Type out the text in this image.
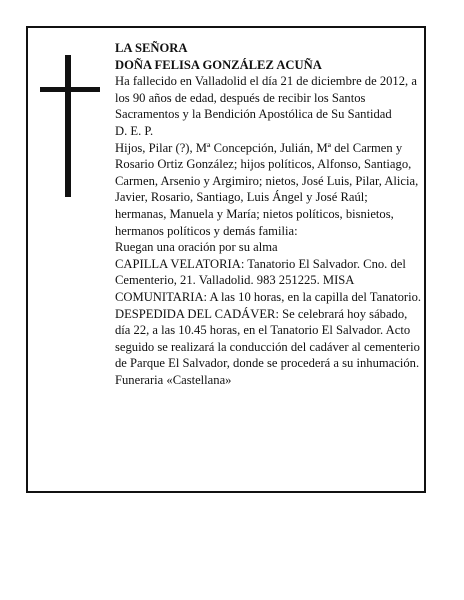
LA SEÑORA

DOÑA FELISA GONZÁLEZ ACUÑA

Ha fallecido en Valladolid el día 21 de diciembre de 2012, a los 90 años de edad, después de recibir los Santos Sacramentos y la Bendición Apostólica de Su Santidad

D. E. P.

Hijos, Pilar (?), Mª Concepción, Julián, Mª del Carmen y Rosario Ortiz González; hijos políticos, Alfonso, Santiago, Carmen, Arsenio y Argimiro; nietos, José Luis, Pilar, Alicia, Javier, Rosario, Santiago, Luis Ángel y José Raúl; hermanas, Manuela y María; nietos políticos, bisnietos, hermanos políticos y demás familia:

Ruegan una oración por su alma

CAPILLA VELATORIA: Tanatorio El Salvador. Cno. del Cementerio, 21. Valladolid. 983 251225. MISA COMUNITARIA: A las 10 horas, en la capilla del Tanatorio.

DESPEDIDA DEL CADÁVER: Se celebrará hoy sábado, día 22, a las 10.45 horas, en el Tanatorio El Salvador. Acto seguido se realizará la conducción del cadáver al cementerio de Parque El Salvador, donde se procederá a su inhumación.

Funeraria «Castellana»
